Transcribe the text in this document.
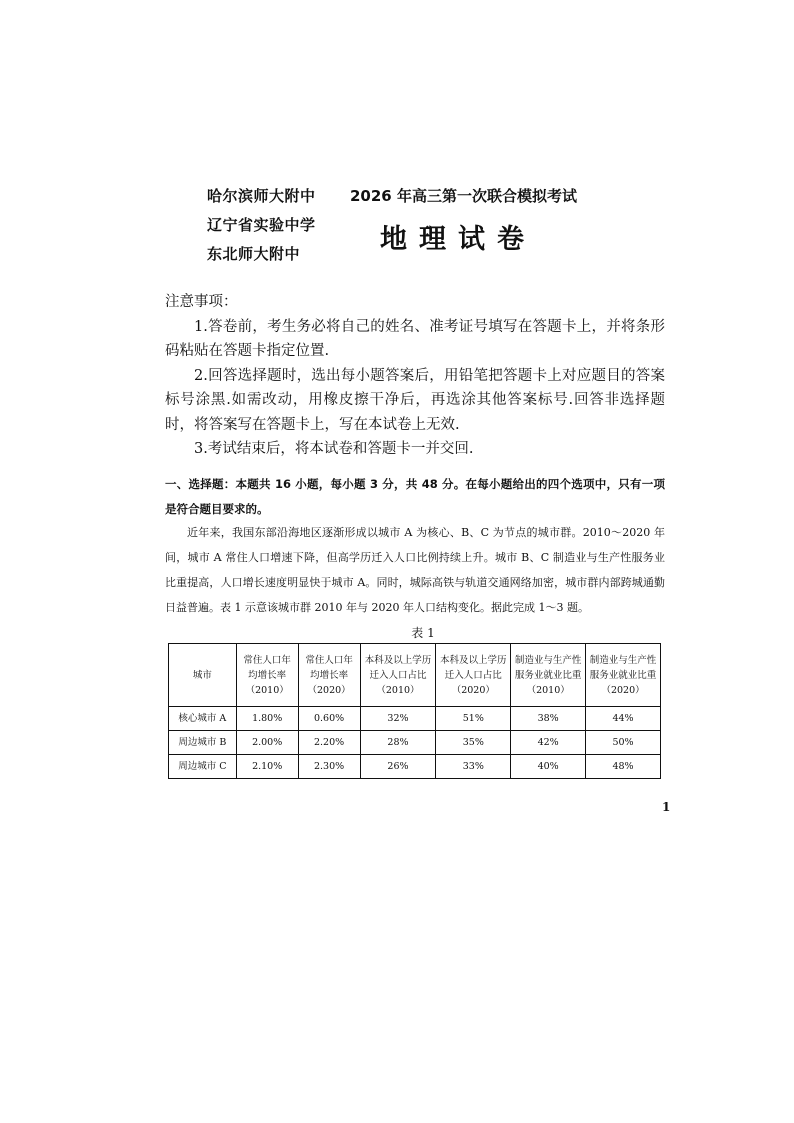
哈尔滨师大附中
辽宁省实验中学
东北师大附中
2026 年高三第一次联合模拟考试
地理试卷
注意事项：

1.答卷前，考生务必将自己的姓名、准考证号填写在答题卡上，并将条形码粘贴在答题卡指定位置.

2.回答选择题时，选出每小题答案后，用铅笔把答题卡上对应题目的答案标号涂黑.如需改动，用橡皮擦干净后，再选涂其他答案标号.回答非选择题时，将答案写在答题卡上，写在本试卷上无效.

3.考试结束后，将本试卷和答题卡一并交回.

一、选择题：本题共 16 小题，每小题 3 分，共 48 分。在每小题给出的四个选项中，只有一项是符合题目要求的。

近年来，我国东部沿海地区逐渐形成以城市 A 为核心、B、C 为节点的城市群。2010～2020 年间，城市 A 常住人口增速下降，但高学历迁入人口比例持续上升。城市 B、C 制造业与生产性服务业比重提高，人口增长速度明显快于城市 A。同时，城际高铁与轨道交通网络加密，城市群内部跨城通勤日益普遍。表 1 示意该城市群 2010 年与 2020 年人口结构变化。据此完成 1～3 题。

表 1
城市	常住人口年均增长率（2010）	常住人口年均增长率（2020）	本科及以上学历迁入人口占比（2010）	本科及以上学历迁入人口占比（2020）	制造业与生产性服务业就业比重（2010）	制造业与生产性服务业就业比重（2020）
核心城市 A	1.80%	0.60%	32%	51%	38%	44%
周边城市 B	2.00%	2.20%	28%	35%	42%	50%
周边城市 C	2.10%	2.30%	26%	33%	40%	48%
1
